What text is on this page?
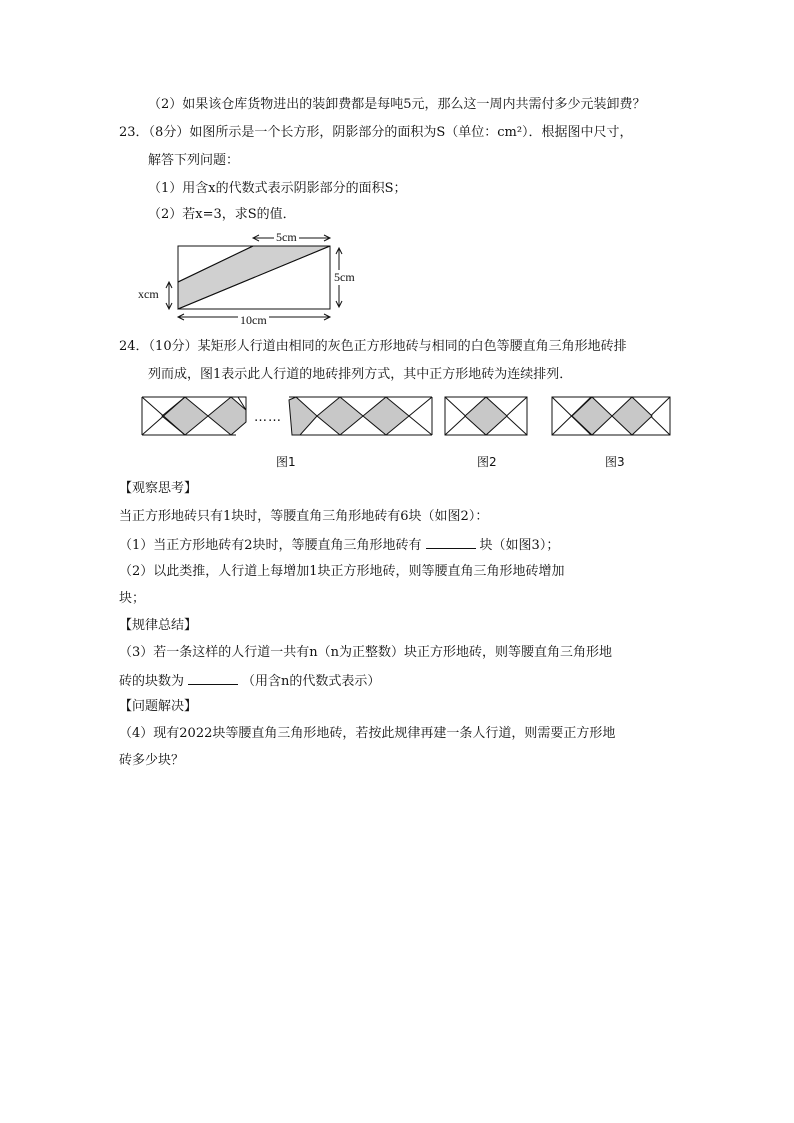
（2）如果该仓库货物进出的装卸费都是每吨5元，那么这一周内共需付多少元装卸费？
23．（8分）如图所示是一个长方形，阴影部分的面积为S（单位：cm²）．根据图中尺寸，
解答下列问题：
（1）用含x的代数式表示阴影部分的面积S；
（2）若x=3，求S的值．
5cm
5cm
xcm
10cm
24．（10分）某矩形人行道由相同的灰色正方形地砖与相同的白色等腰直角三角形地砖排
列而成，图1表示此人行道的地砖排列方式，其中正方形地砖为连续排列．
……
图1	图2	图3
【观察思考】
当正方形地砖只有1块时，等腰直角三角形地砖有6块（如图2）：
（1）当正方形地砖有2块时，等腰直角三角形地砖有	块（如图3）；
（2）以此类推，人行道上每增加1块正方形地砖，则等腰直角三角形地砖增加
块；
【规律总结】
（3）若一条这样的人行道一共有n（n为正整数）块正方形地砖，则等腰直角三角形地
砖的块数为	（用含n的代数式表示）
【问题解决】
（4）现有2022块等腰直角三角形地砖，若按此规律再建一条人行道，则需要正方形地
砖多少块？
